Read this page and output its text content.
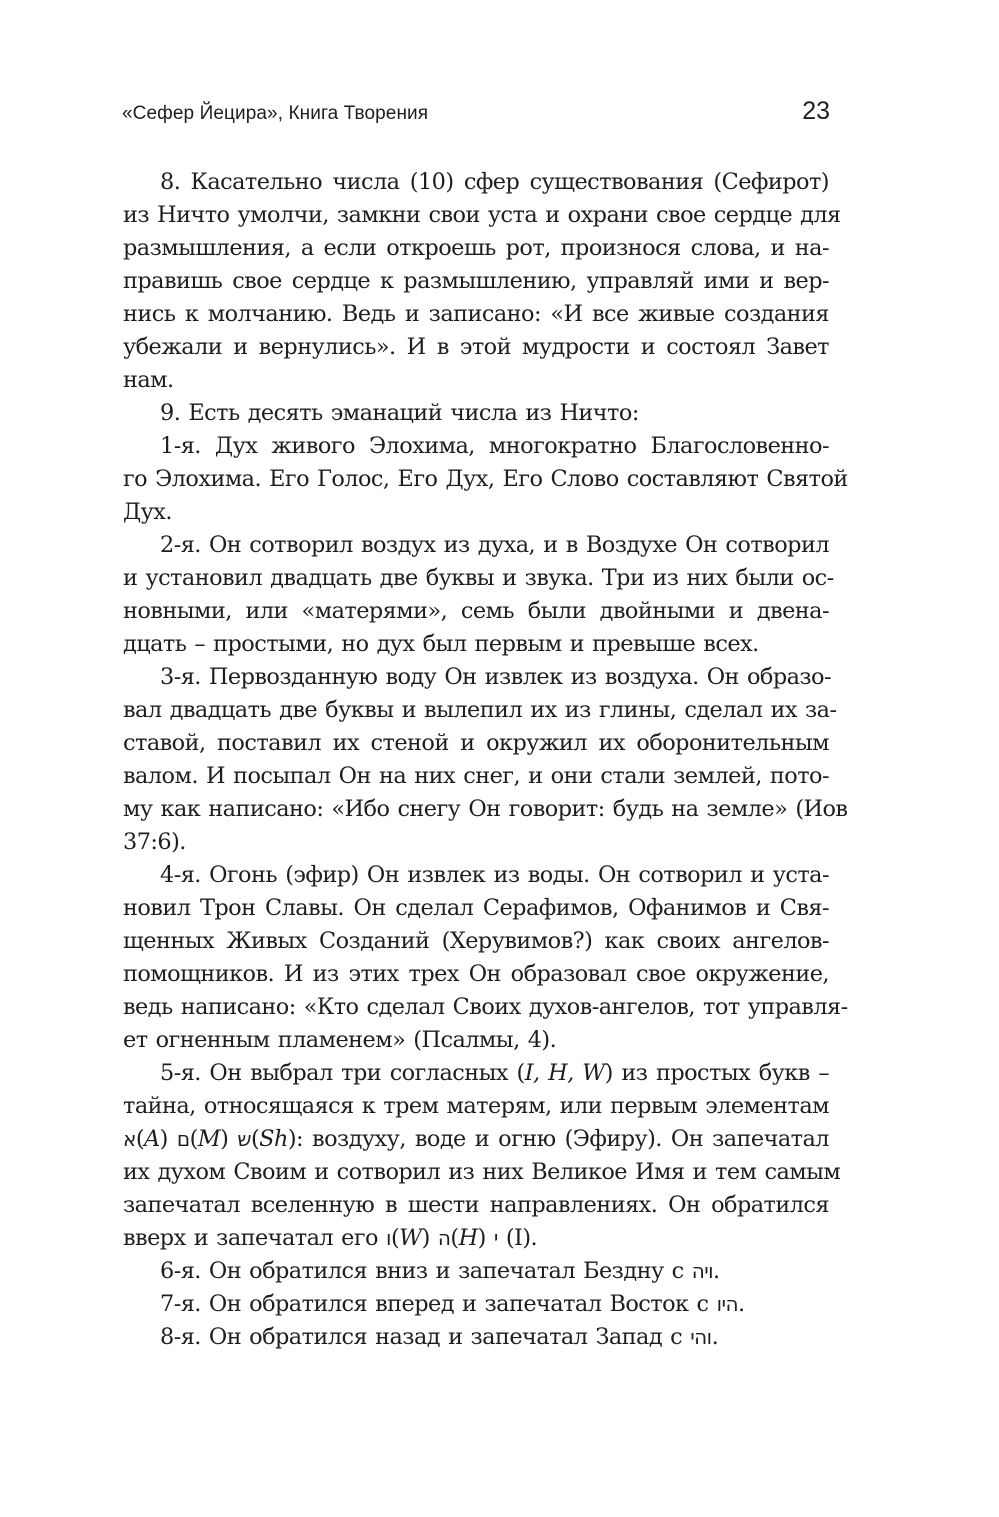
«Сефер Йецира», Книга Творения	23
8. Касательно числа (10) сфер существования (Сефирот)
из Ничто умолчи, замкни свои уста и охрани свое сердце для
размышления, а если откроешь рот, произнося слова, и на-
правишь свое сердце к размышлению, управляй ими и вер-
нись к молчанию. Ведь и записано: «И все живые создания
убежали и вернулись». И в этой мудрости и состоял Завет
нам.
9. Есть десять эманаций числа из Ничто:
1-я. Дух живого Элохима, многократно Благословенно-
го Элохима. Его Голос, Его Дух, Его Слово составляют Святой
Дух.
2-я. Он сотворил воздух из духа, и в Воздухе Он сотворил
и установил двадцать две буквы и звука. Три из них были ос-
новными, или «матерями», семь были двойными и двена-
дцать – простыми, но дух был первым и превыше всех.
3-я. Первозданную воду Он извлек из воздуха. Он образо-
вал двадцать две буквы и вылепил их из глины, сделал их за-
ставой, поставил их стеной и окружил их оборонительным
валом. И посыпал Он на них снег, и они стали землей, пото-
му как написано: «Ибо снегу Он говорит: будь на земле» (Иов
37:6).
4-я. Огонь (эфир) Он извлек из воды. Он сотворил и уста-
новил Трон Славы. Он сделал Серафимов, Офанимов и Свя-
щенных Живых Созданий (Херувимов?) как своих ангелов-
помощников. И из этих трех Он образовал свое окружение,
ведь написано: «Кто сделал Своих духов-ангелов, тот управля-
ет огненным пламенем» (Псалмы, 4).
5-я. Он выбрал три согласных (I, H, W) из простых букв –
тайна, относящаяся к трем матерям, или первым элементам
א(A) ם(M) ש(Sh): воздуху, воде и огню (Эфиру). Он запечатал
их духом Своим и сотворил из них Великое Имя и тем самым
запечатал вселенную в шести направлениях. Он обратился
вверх и запечатал его ו(W) ה(H) י (I).
6-я. Он обратился вниз и запечатал Бездну с ויה.
7-я. Он обратился вперед и запечатал Восток с היו.
8-я. Он обратился назад и запечатал Запад с והי.
